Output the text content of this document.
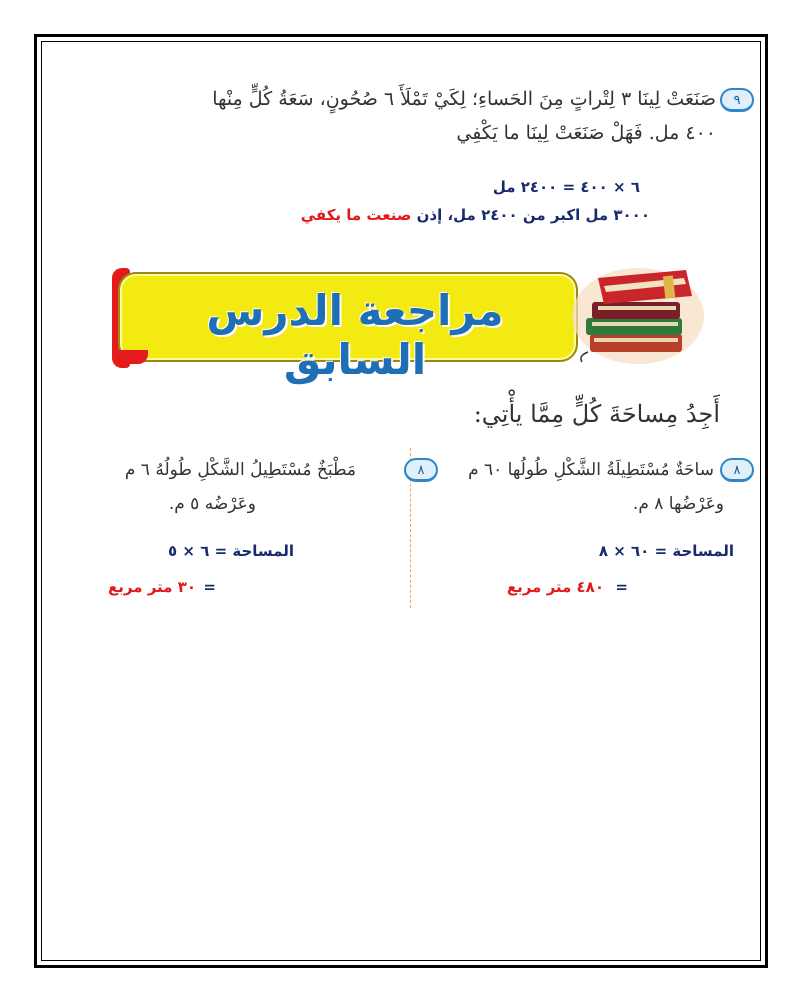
٩
صَنَعَتْ لِينَا ٣ لِتْراتٍ مِنَ الحَساءِ؛ لِكَيْ تَمْلَأَ ٦ صُحُونٍ، سَعَةُ كُلٍّ مِنْها
٤٠٠ مل. فَهَلْ صَنَعَتْ لِينَا ما يَكْفِي
٦ × ٤٠٠ = ٢٤٠٠ مل
٣٠٠٠ مل اكبر من ٢٤٠٠ مل، إذن صنعت ما يكفي
مراجعة الدرس السابق
أَجِدُ مِساحَةَ كُلٍّ مِمَّا يأْتِي:
٨
ساحَةٌ مُسْتَطِيلَةُ الشَّكْلِ طُولُها ٦٠ م
وعَرْضُها ٨ م.
المساحة = ٦٠ × ٨
=
٤٨٠ متر مربع
٨
مَطْبَخٌ مُسْتَطِيلُ الشَّكْلِ طُولُهُ ٦ م
وعَرْضُه ٥ م.
المساحة = ٦ × ٥
=
٣٠ متر مربع
